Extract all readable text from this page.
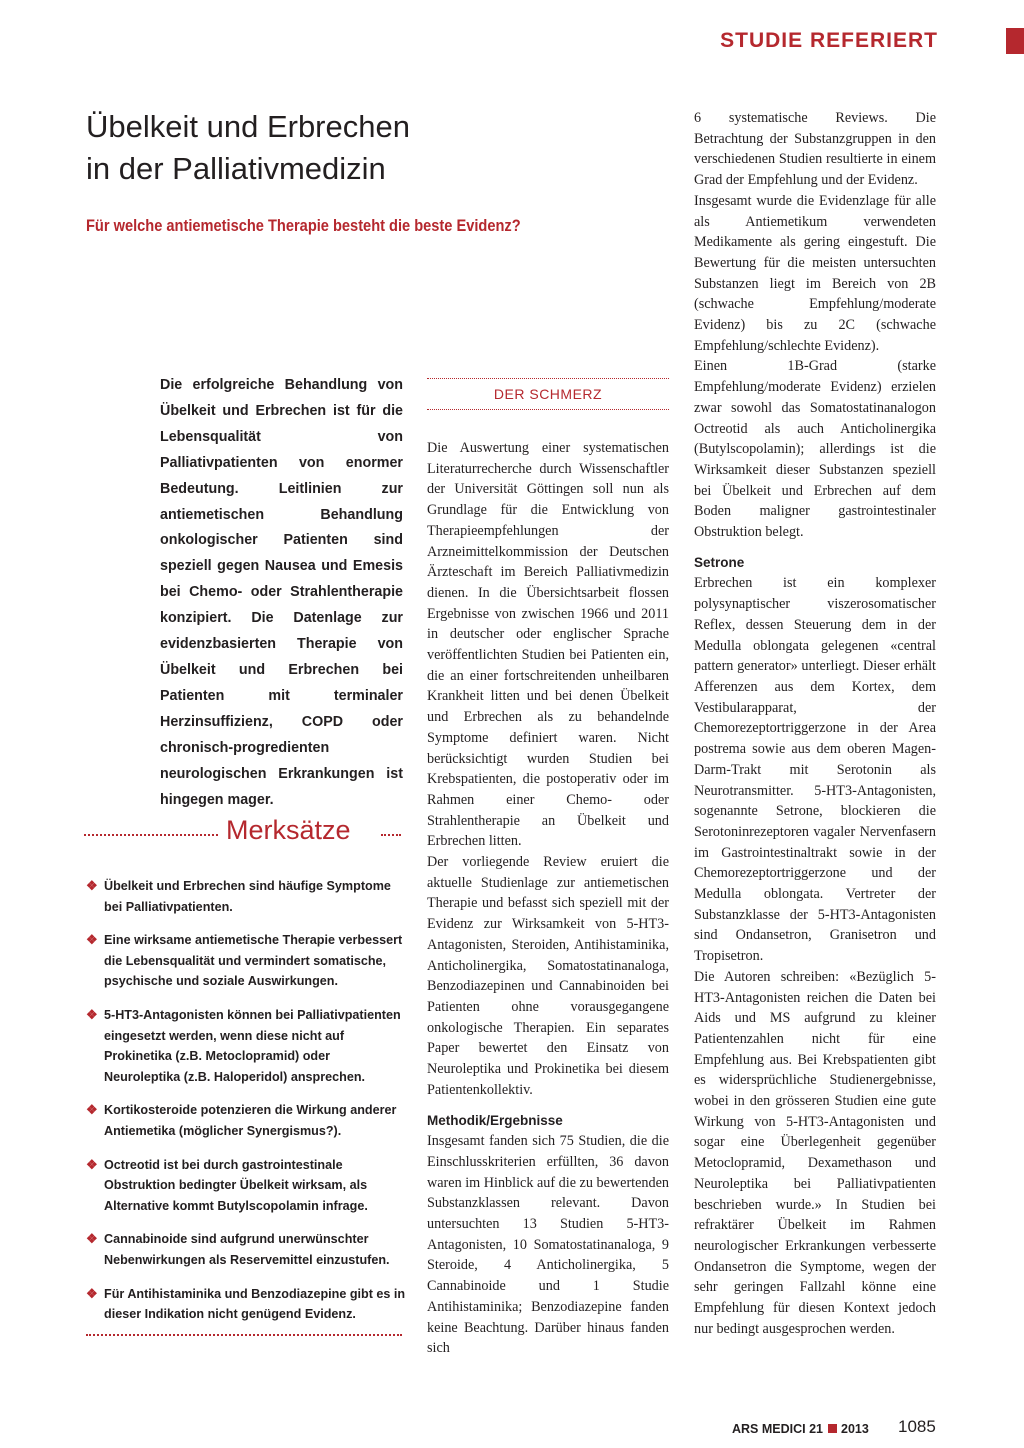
STUDIE REFERIERT
Übelkeit und Erbrechen
in der Palliativmedizin
Für welche antiemetische Therapie besteht die beste Evidenz?
Die erfolgreiche Behandlung von Übelkeit und Erbrechen ist für die Lebensqualität von Palliativpatienten von enormer Bedeutung. Leitlinien zur antiemetischen Behandlung onkologischer Patienten sind speziell gegen Nausea und Emesis bei Chemo- oder Strahlentherapie konzipiert. Die Datenlage zur evidenzbasierten Therapie von Übelkeit und Erbrechen bei Patienten mit terminaler Herzinsuffizienz, COPD oder chronisch-progredienten neurologischen Erkrankungen ist hingegen mager.
Merksätze
❖ Übelkeit und Erbrechen sind häufige Symptome bei Palliativpatienten.
❖ Eine wirksame antiemetische Therapie verbessert die Lebensqualität und vermindert somatische, psychische und soziale Auswirkungen.
❖ 5-HT3-Antagonisten können bei Palliativpatienten eingesetzt werden, wenn diese nicht auf Prokinetika (z.B. Metoclopramid) oder Neuroleptika (z.B. Haloperidol) ansprechen.
❖ Kortikosteroide potenzieren die Wirkung anderer Antiemetika (möglicher Synergismus?).
❖ Octreotid ist bei durch gastrointestinale Obstruktion bedingter Übelkeit wirksam, als Alternative kommt Butylscopolamin infrage.
❖ Cannabinoide sind aufgrund unerwünschter Nebenwirkungen als Reservemittel einzustufen.
❖ Für Antihistaminika und Benzodiazepine gibt es in dieser Indikation nicht genügend Evidenz.
DER SCHMERZ

Die Auswertung einer systematischen Literaturrecherche durch Wissenschaftler der Universität Göttingen soll nun als Grundlage für die Entwicklung von Therapieempfehlungen der Arzneimittelkommission der Deutschen Ärzteschaft im Bereich Palliativmedizin dienen. In die Übersichtsarbeit flossen Ergebnisse von zwischen 1966 und 2011 in deutscher oder englischer Sprache veröffentlichten Studien bei Patienten ein, die an einer fortschreitenden unheilbaren Krankheit litten und bei denen Übelkeit und Erbrechen als zu behandelnde Symptome definiert waren. Nicht berücksichtigt wurden Studien bei Krebspatienten, die postoperativ oder im Rahmen einer Chemo- oder Strahlentherapie an Übelkeit und Erbrechen litten.

Der vorliegende Review eruiert die aktuelle Studienlage zur antiemetischen Therapie und befasst sich speziell mit der Evidenz zur Wirksamkeit von 5-HT3-Antagonisten, Steroiden, Antihistaminika, Anticholinergika, Somatostatinanaloga, Benzodiazepinen und Cannabinoiden bei Patienten ohne vorausgegangene onkologische Therapien. Ein separates Paper bewertet den Einsatz von Neuroleptika und Prokinetika bei diesem Patientenkollektiv.

Methodik/Ergebnisse

Insgesamt fanden sich 75 Studien, die die Einschlusskriterien erfüllten, 36 davon waren im Hinblick auf die zu bewertenden Substanzklassen relevant. Davon untersuchten 13 Studien 5-HT3-Antagonisten, 10 Somatostatinanaloga, 9 Steroide, 4 Anticholinergika, 5 Cannabinoide und 1 Studie Antihistaminika; Benzodiazepine fanden keine Beachtung. Darüber hinaus fanden sich

6 systematische Reviews. Die Betrachtung der Substanzgruppen in den verschiedenen Studien resultierte in einem Grad der Empfehlung und der Evidenz.

Insgesamt wurde die Evidenzlage für alle als Antiemetikum verwendeten Medikamente als gering eingestuft. Die Bewertung für die meisten untersuchten Substanzen liegt im Bereich von 2B (schwache Empfehlung/moderate Evidenz) bis zu 2C (schwache Empfehlung/schlechte Evidenz).

Einen 1B-Grad (starke Empfehlung/moderate Evidenz) erzielen zwar sowohl das Somatostatinanalogon Octreotid als auch Anticholinergika (Butylscopolamin); allerdings ist die Wirksamkeit dieser Substanzen speziell bei Übelkeit und Erbrechen auf dem Boden maligner gastrointestinaler Obstruktion belegt.

Setrone

Erbrechen ist ein komplexer polysynaptischer viszerosomatischer Reflex, dessen Steuerung dem in der Medulla oblongata gelegenen «central pattern generator» unterliegt. Dieser erhält Afferenzen aus dem Kortex, dem Vestibularapparat, der Chemorezeptortriggerzone in der Area postrema sowie aus dem oberen Magen-Darm-Trakt mit Serotonin als Neurotransmitter. 5-HT3-Antagonisten, sogenannte Setrone, blockieren die Serotoninrezeptoren vagaler Nervenfasern im Gastrointestinaltrakt sowie in der Chemorezeptortriggerzone und der Medulla oblongata. Vertreter der Substanzklasse der 5-HT3-Antagonisten sind Ondansetron, Granisetron und Tropisetron.

Die Autoren schreiben: «Bezüglich 5-HT3-Antagonisten reichen die Daten bei Aids und MS aufgrund zu kleiner Patientenzahlen nicht für eine Empfehlung aus. Bei Krebspatienten gibt es widersprüchliche Studienergebnisse, wobei in den grösseren Studien eine gute Wirkung von 5-HT3-Antagonisten und sogar eine Überlegenheit gegenüber Metoclopramid, Dexamethason und Neuroleptika bei Palliativpatienten beschrieben wurde.» In Studien bei refraktärer Übelkeit im Rahmen neurologischer Erkrankungen verbesserte Ondansetron die Symptome, wegen der sehr geringen Fallzahl könne eine Empfehlung für diesen Kontext jedoch nur bedingt ausgesprochen werden.

ARS MEDICI 21 2013 1085
